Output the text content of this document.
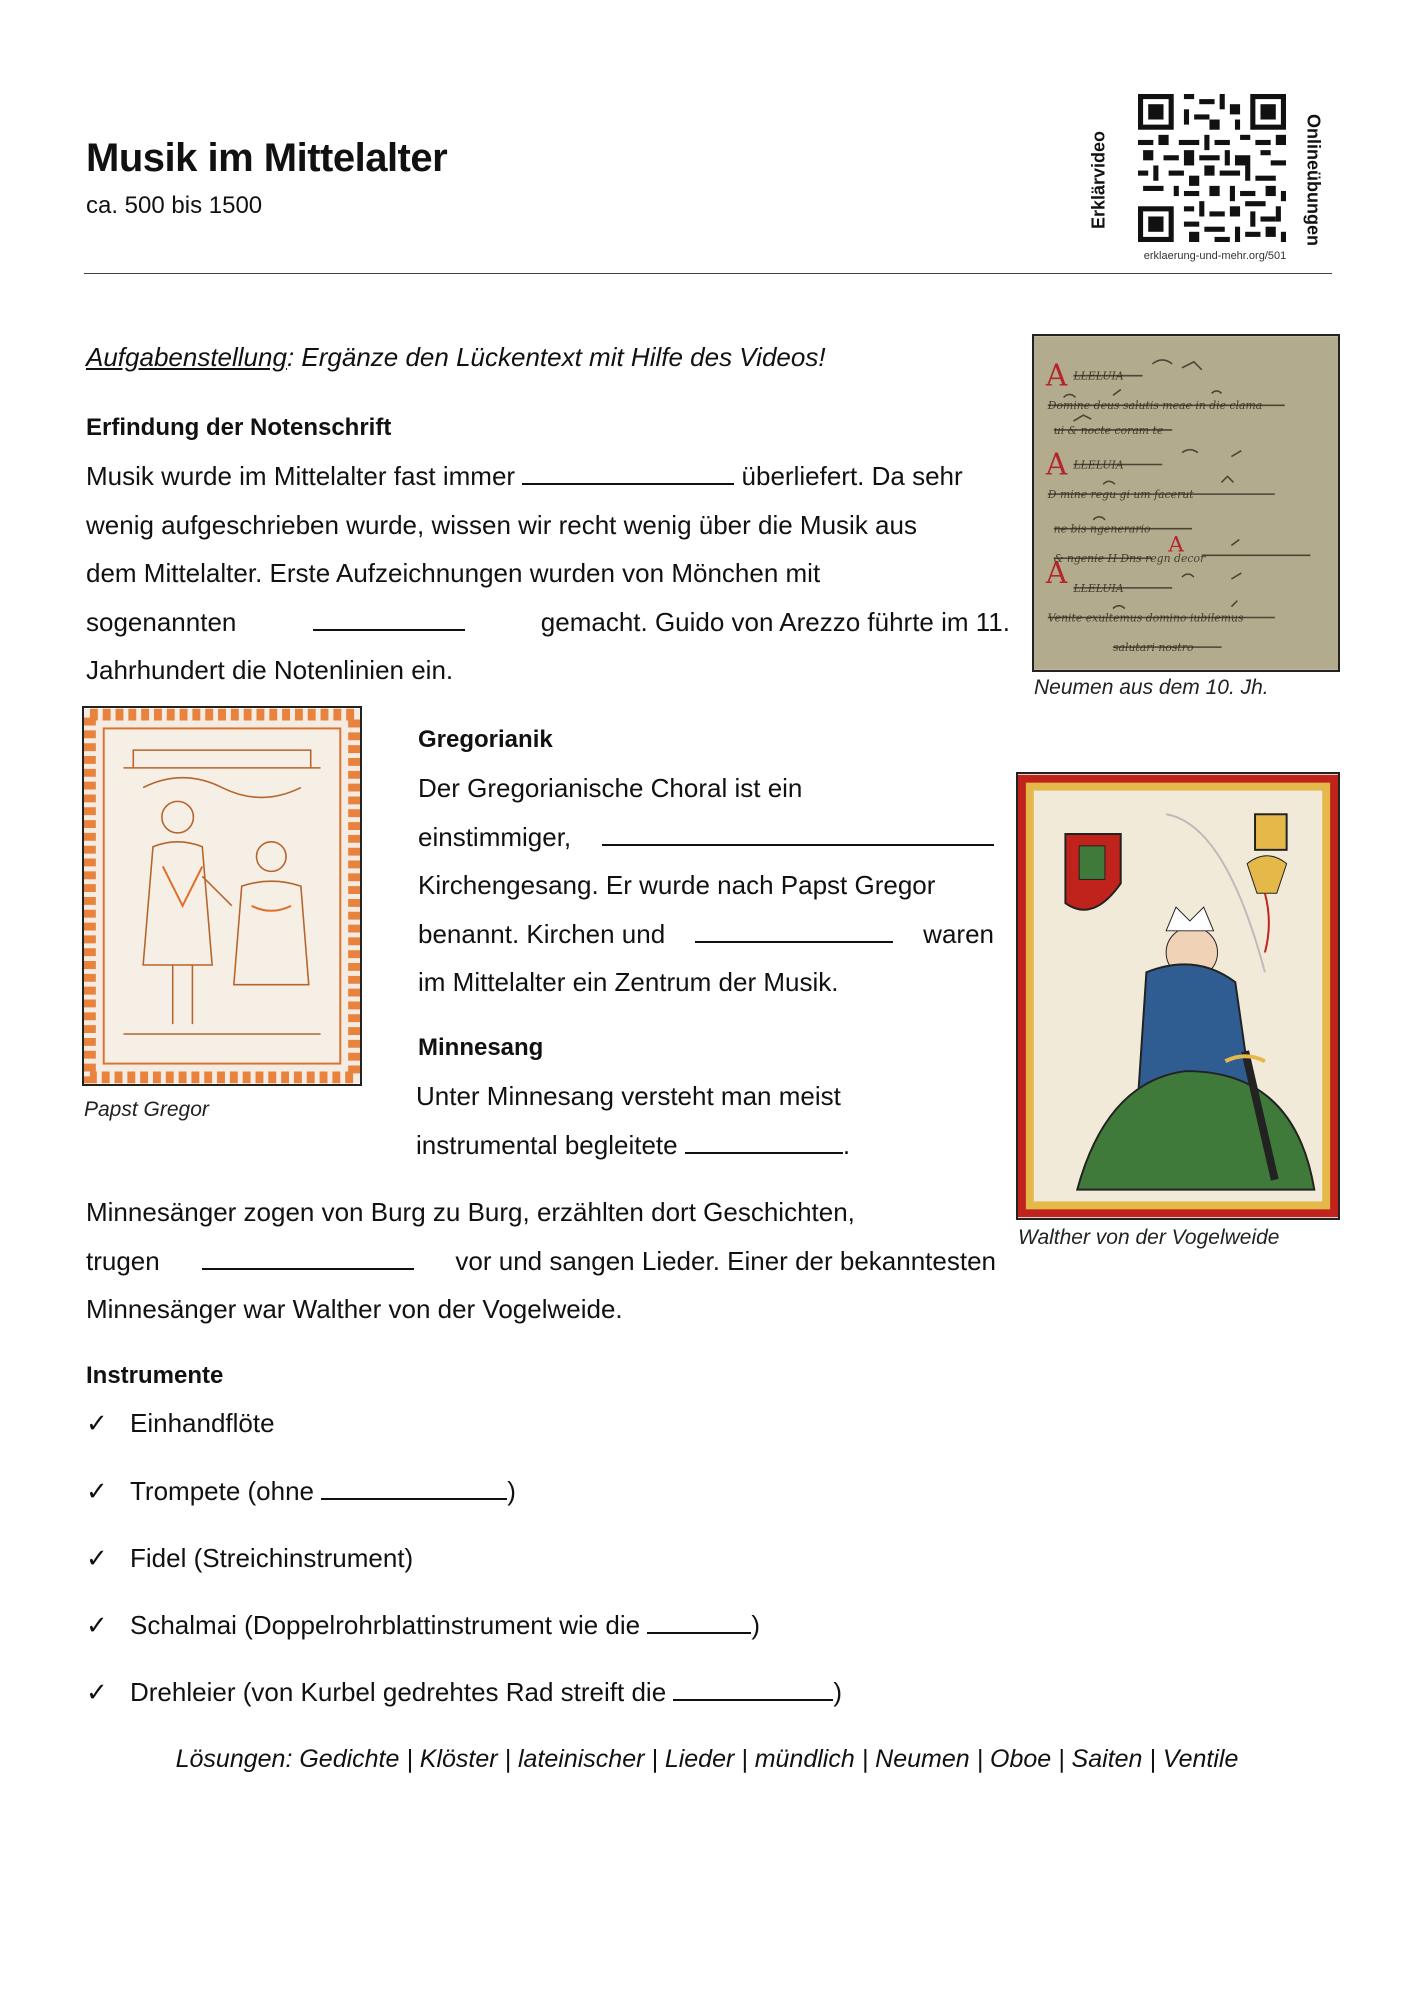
Musik im Mittelalter
ca. 500 bis 1500	Erklärvideo	Onlineübungen
erklaerung-und-mehr.org/501
Aufgabenstellung: Ergänze den Lückentext mit Hilfe des Videos!
Erfindung der Notenschrift
Musik wurde im Mittelalter fast immer	überliefert. Da sehr
wenig aufgeschrieben wurde, wissen wir recht wenig über die Musik aus
dem Mittelalter. Erste Aufzeichnungen wurden von Mönchen mit
sogenannten	gemacht. Guido von Arezzo führte im 11.
Jahrhundert die Notenlinien ein.
A
A
A
A
LLELUIA
Domine deus salutis meae in die clama
ui & nocte coram te
LLELUIA
D mine regu gi um facerut
ne bis ngenerario
& ngenie H Dns regn decor
LLELUIA
Venite exultemus domino iubilemus
salutari nostro
Neumen aus dem 10. Jh.
Papst Gregor
Gregorianik
Der Gregorianische Choral ist ein
einstimmiger,
Kirchengesang. Er wurde nach Papst Gregor
benannt. Kirchen und	waren
im Mittelalter ein Zentrum der Musik.
Minnesang
Unter Minnesang versteht man meist
instrumental begleitete	.
Minnesänger zogen von Burg zu Burg, erzählten dort Geschichten,
trugen	vor und sangen Lieder. Einer der bekanntesten
Minnesänger war Walther von der Vogelweide.
Walther von der Vogelweide
Instrumente
✓ Einhandflöte
✓ Trompete (ohne	)
✓ Fidel (Streichinstrument)
✓ Schalmai (Doppelrohrblattinstrument wie die	)
✓ Drehleier (von Kurbel gedrehtes Rad streift die	)
Lösungen: Gedichte | Klöster | lateinischer | Lieder | mündlich | Neumen | Oboe | Saiten | Ventile
